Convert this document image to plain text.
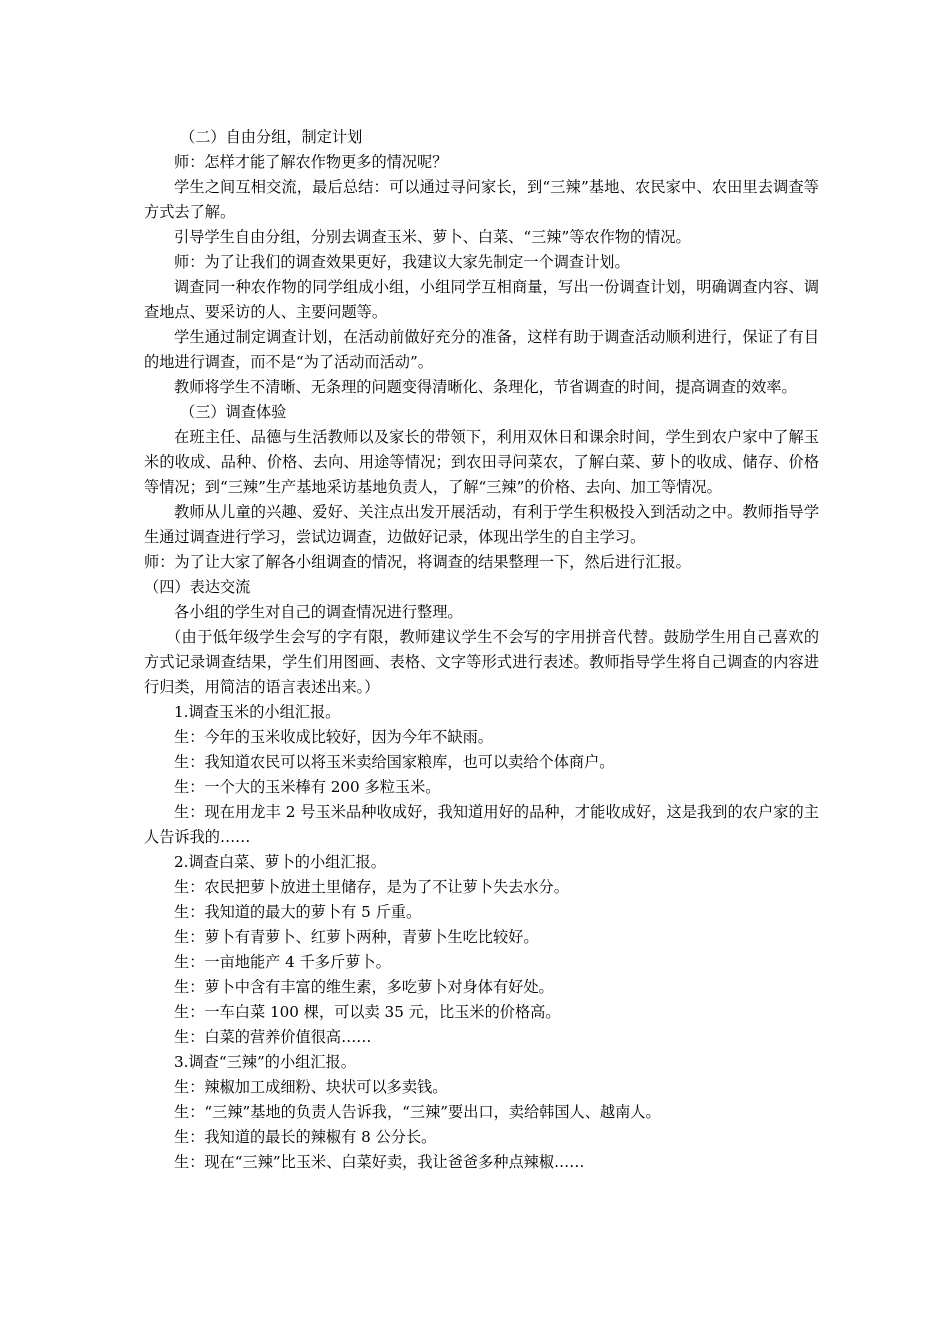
（二）自由分组，制定计划

师：怎样才能了解农作物更多的情况呢？

学生之间互相交流，最后总结：可以通过寻问家长，到“三辣”基地、农民家中、农田里去调查等方式去了解。

引导学生自由分组，分别去调查玉米、萝卜、白菜、“三辣”等农作物的情况。

师：为了让我们的调查效果更好，我建议大家先制定一个调查计划。

调查同一种农作物的同学组成小组，小组同学互相商量，写出一份调查计划，明确调查内容、调查地点、要采访的人、主要问题等。

学生通过制定调查计划，在活动前做好充分的准备，这样有助于调查活动顺利进行，保证了有目的地进行调查，而不是“为了活动而活动”。

教师将学生不清晰、无条理的问题变得清晰化、条理化，节省调查的时间，提高调查的效率。

（三）调查体验

在班主任、品德与生活教师以及家长的带领下，利用双休日和课余时间，学生到农户家中了解玉米的收成、品种、价格、去向、用途等情况；到农田寻问菜农，了解白菜、萝卜的收成、储存、价格等情况；到“三辣”生产基地采访基地负责人，了解“三辣”的价格、去向、加工等情况。

教师从儿童的兴趣、爱好、关注点出发开展活动，有利于学生积极投入到活动之中。教师指导学生通过调查进行学习，尝试边调查，边做好记录，体现出学生的自主学习。

师：为了让大家了解各小组调查的情况，将调查的结果整理一下，然后进行汇报。

（四）表达交流

各小组的学生对自己的调查情况进行整理。

（由于低年级学生会写的字有限，教师建议学生不会写的字用拼音代替。鼓励学生用自己喜欢的方式记录调查结果，学生们用图画、表格、文字等形式进行表述。教师指导学生将自己调查的内容进行归类，用简洁的语言表述出来。）

1.调查玉米的小组汇报。

生：今年的玉米收成比较好，因为今年不缺雨。

生：我知道农民可以将玉米卖给国家粮库，也可以卖给个体商户。

生：一个大的玉米棒有 200 多粒玉米。

生：现在用龙丰 2 号玉米品种收成好，我知道用好的品种，才能收成好，这是我到的农户家的主人告诉我的……

2.调查白菜、萝卜的小组汇报。

生：农民把萝卜放进土里储存，是为了不让萝卜失去水分。

生：我知道的最大的萝卜有 5 斤重。

生：萝卜有青萝卜、红萝卜两种，青萝卜生吃比较好。

生：一亩地能产 4 千多斤萝卜。

生：萝卜中含有丰富的维生素，多吃萝卜对身体有好处。

生：一车白菜 100 棵，可以卖 35 元，比玉米的价格高。

生：白菜的营养价值很高……

3.调查“三辣”的小组汇报。

生：辣椒加工成细粉、块状可以多卖钱。

生：“三辣”基地的负责人告诉我，“三辣”要出口，卖给韩国人、越南人。

生：我知道的最长的辣椒有 8 公分长。

生：现在“三辣”比玉米、白菜好卖，我让爸爸多种点辣椒……
